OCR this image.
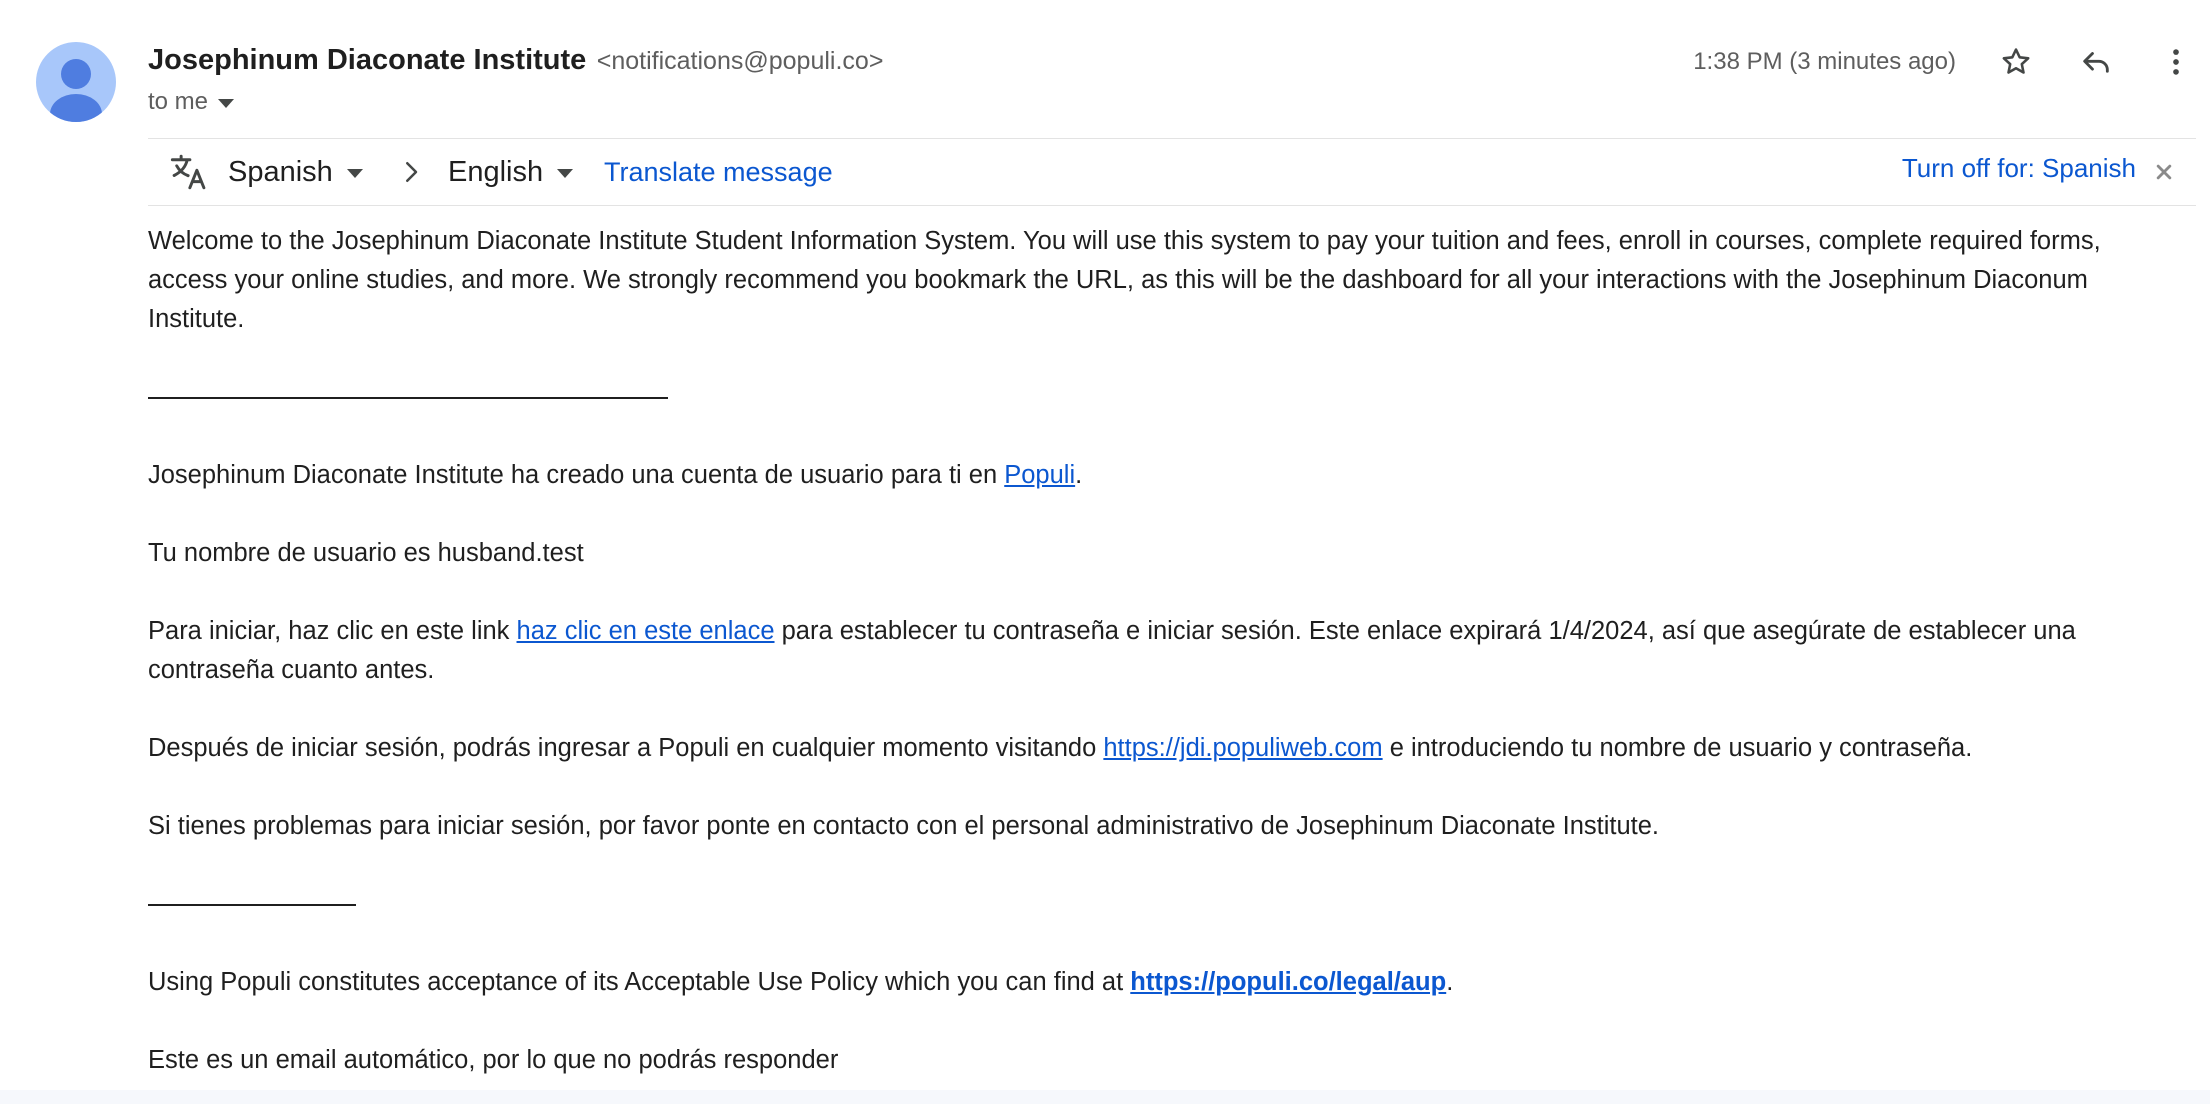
Josephinum Diaconate Institute <notifications@populi.co>
to me
1:38 PM (3 minutes ago)
Spanish	English Translate message	Turn off for: Spanish

Welcome to the Josephinum Diaconate Institute Student Information System. You will use this system to pay your tuition and fees, enroll in courses, complete required forms, access your online studies, and more. We strongly recommend you bookmark the URL, as this will be the dashboard for all your interactions with the Josephinum Diaconum Institute.

Josephinum Diaconate Institute ha creado una cuenta de usuario para ti en Populi.

Tu nombre de usuario es husband.test

Para iniciar, haz clic en este link haz clic en este enlace para establecer tu contraseña e iniciar sesión. Este enlace expirará 1/4/2024, así que asegúrate de establecer una contraseña cuanto antes.

Después de iniciar sesión, podrás ingresar a Populi en cualquier momento visitando https://jdi.populiweb.com e introduciendo tu nombre de usuario y contraseña.

Si tienes problemas para iniciar sesión, por favor ponte en contacto con el personal administrativo de Josephinum Diaconate Institute.

Using Populi constitutes acceptance of its Acceptable Use Policy which you can find at https://populi.co/legal/aup.

Este es un email automático, por lo que no podrás responder
